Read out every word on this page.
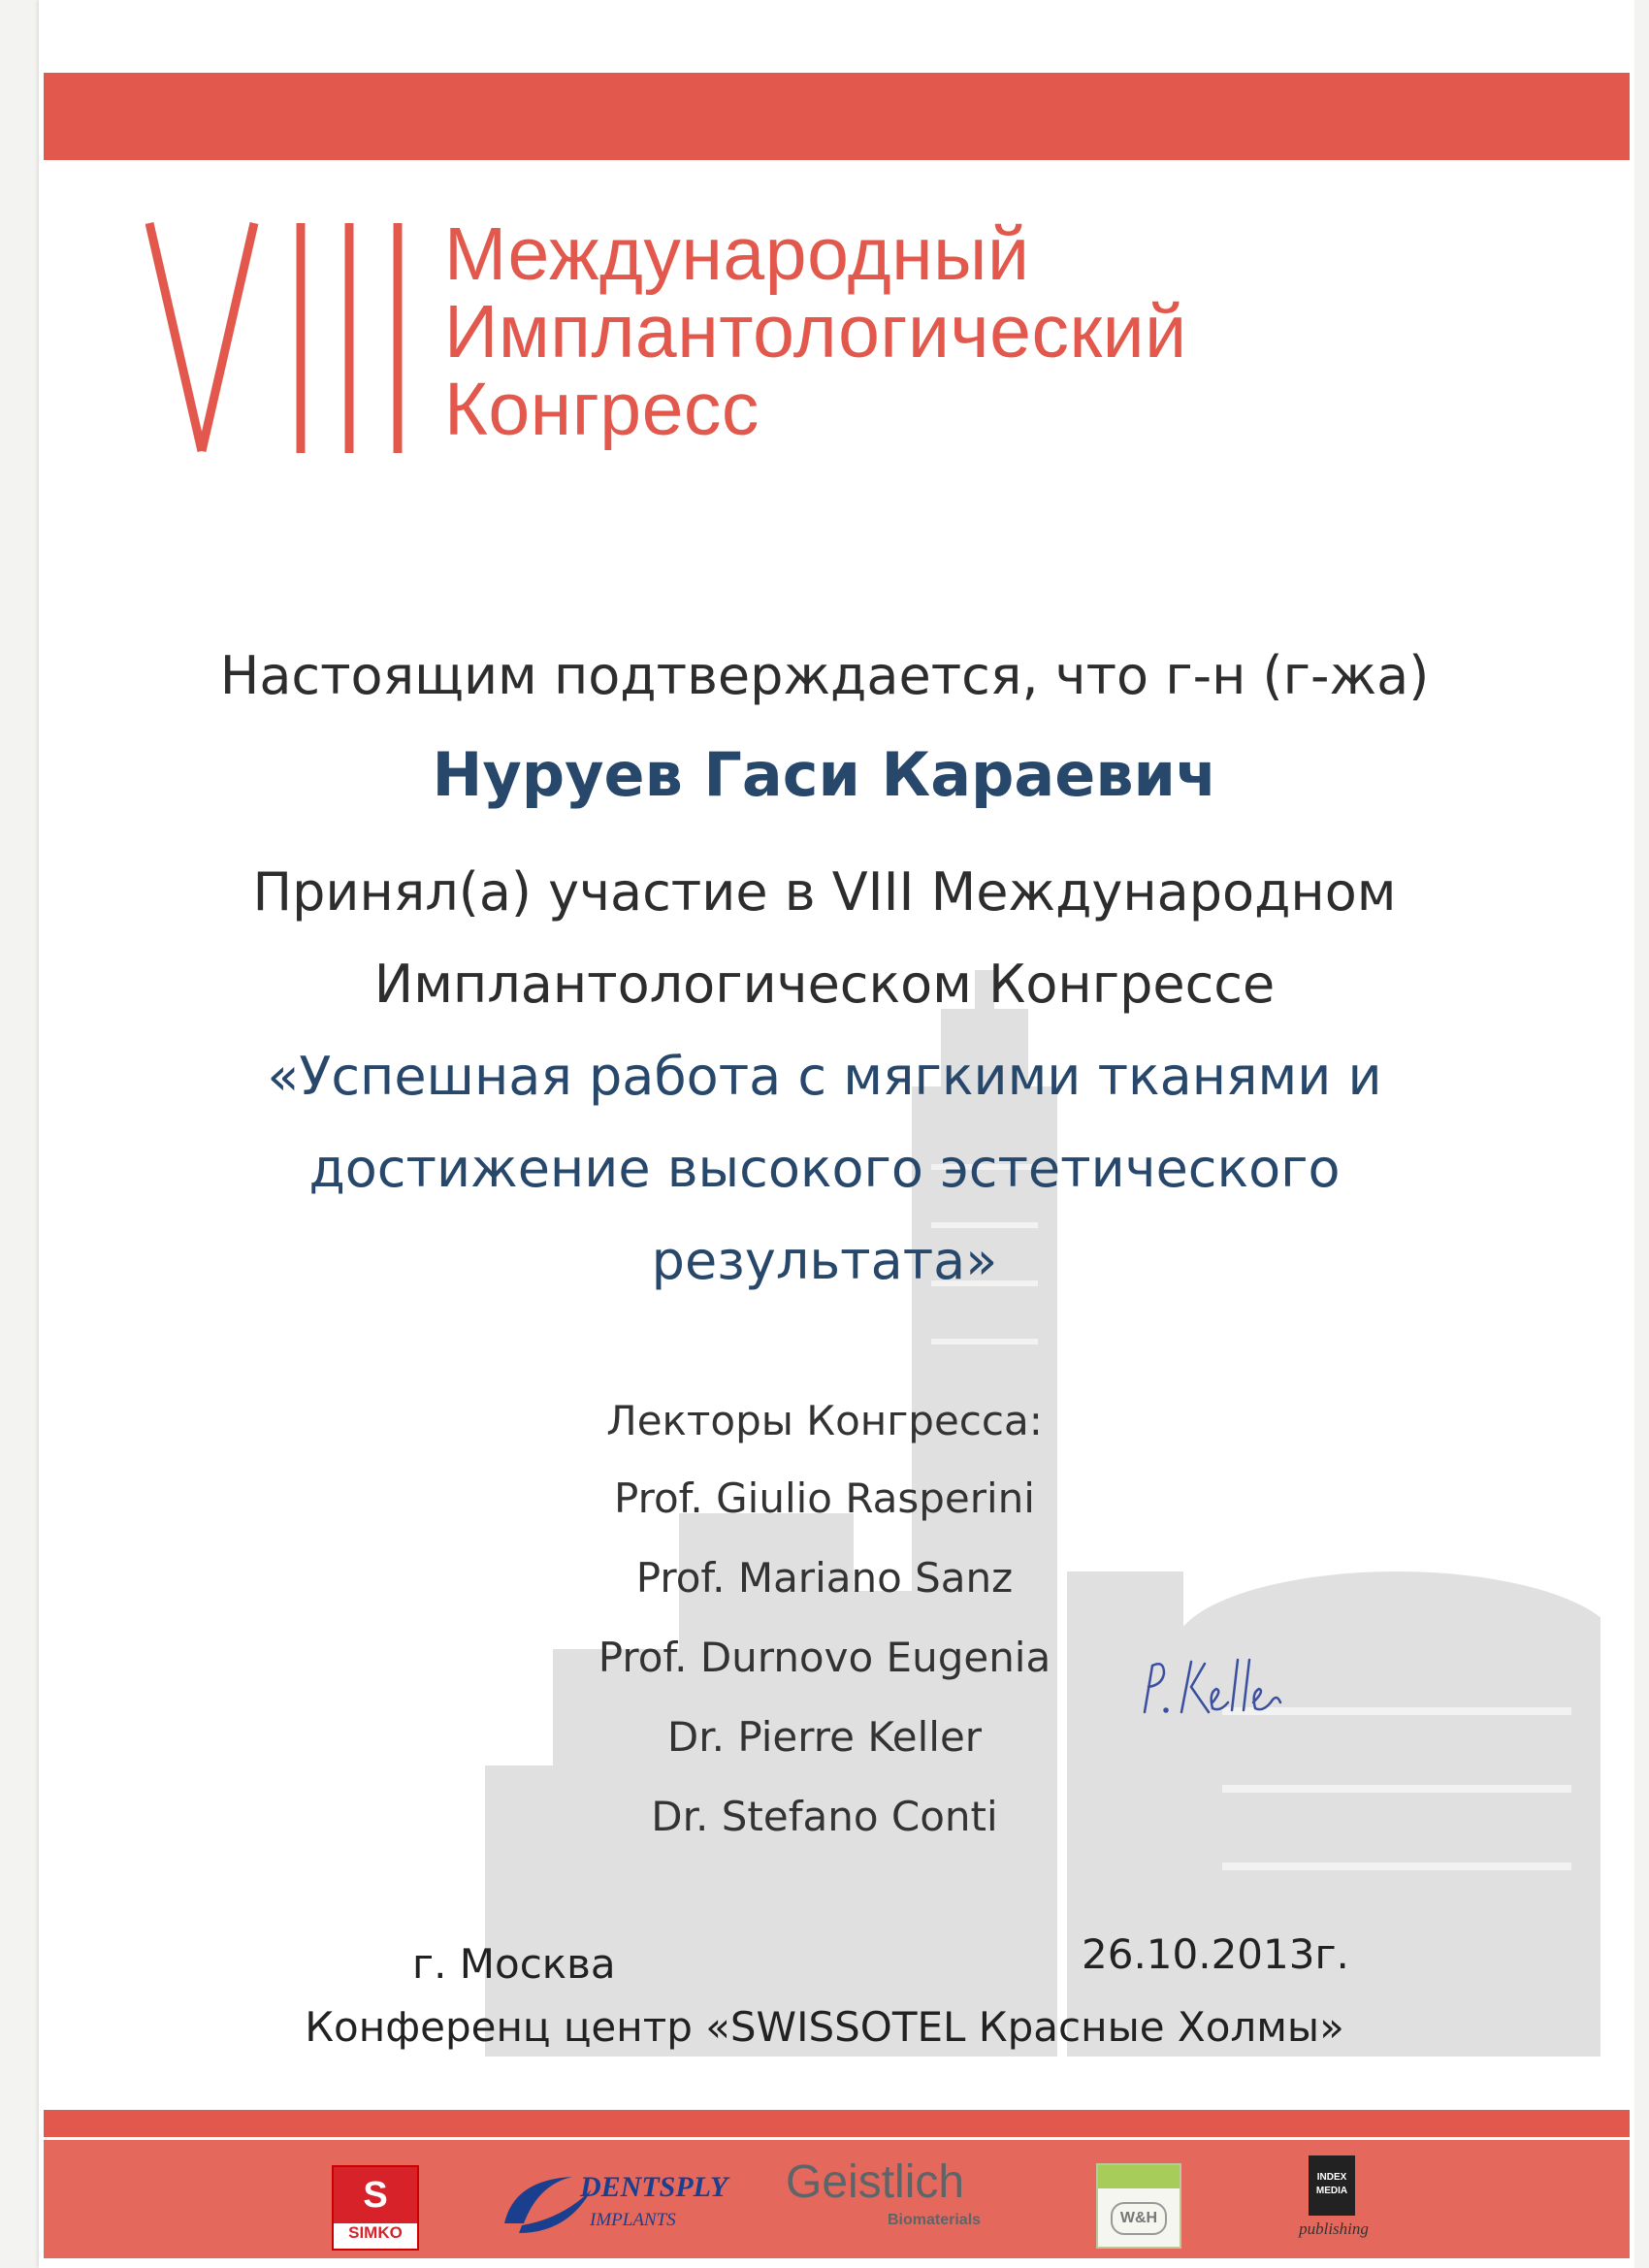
Международный
Имплантологический
Конгресс
Настоящим подтверждается, что г-н (г-жа)
Нуруев Гаси Караевич
Принял(а) участие в VIII Международном
Имплантологическом Конгрессе
«Успешная работа с мягкими тканями и
достижение высокого эстетического
результата»
Лекторы Конгресса:
Prof. Giulio Rasperini
Prof. Mariano Sanz
Prof. Durnovo Eugenia
Dr. Pierre Keller
Dr. Stefano Conti
г. Москва	26.10.2013г.
Конференц центр «SWISSOTEL Красные Холмы»
S
SIMKO
DENTSPLY
IMPLANTS
Geistlich
Biomaterials	W&H
INDEX
MEDIA
publishing
